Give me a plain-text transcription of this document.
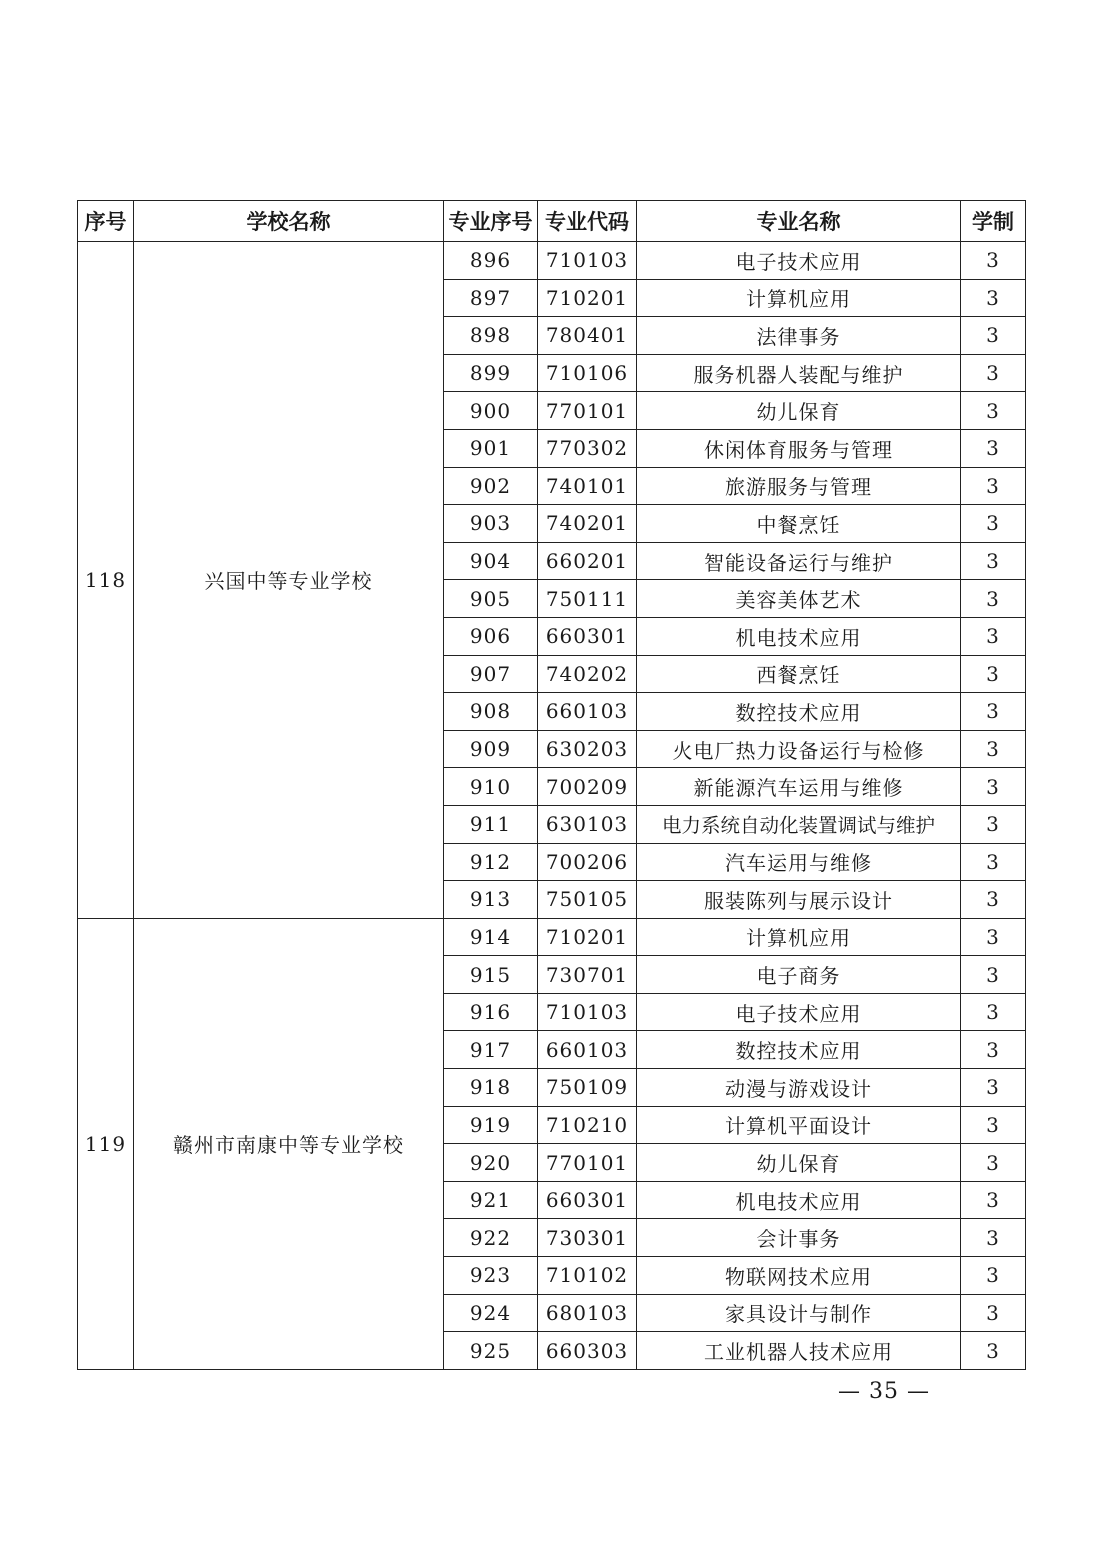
序号	学校名称	专业序号	专业代码	专业名称	学制
118	兴国中等专业学校	896	710103	电子技术应用	3
		897	710201	计算机应用	3
		898	780401	法律事务	3
		899	710106	服务机器人装配与维护	3
		900	770101	幼儿保育	3
		901	770302	休闲体育服务与管理	3
		902	740101	旅游服务与管理	3
		903	740201	中餐烹饪	3
		904	660201	智能设备运行与维护	3
		905	750111	美容美体艺术	3
		906	660301	机电技术应用	3
		907	740202	西餐烹饪	3
		908	660103	数控技术应用	3
		909	630203	火电厂热力设备运行与检修	3
		910	700209	新能源汽车运用与维修	3
		911	630103	电力系统自动化装置调试与维护	3
		912	700206	汽车运用与维修	3
		913	750105	服装陈列与展示设计	3
119	赣州市南康中等专业学校	914	710201	计算机应用	3
		915	730701	电子商务	3
		916	710103	电子技术应用	3
		917	660103	数控技术应用	3
		918	750109	动漫与游戏设计	3
		919	710210	计算机平面设计	3
		920	770101	幼儿保育	3
		921	660301	机电技术应用	3
		922	730301	会计事务	3
		923	710102	物联网技术应用	3
		924	680103	家具设计与制作	3
		925	660303	工业机器人技术应用	3
— 35 —
